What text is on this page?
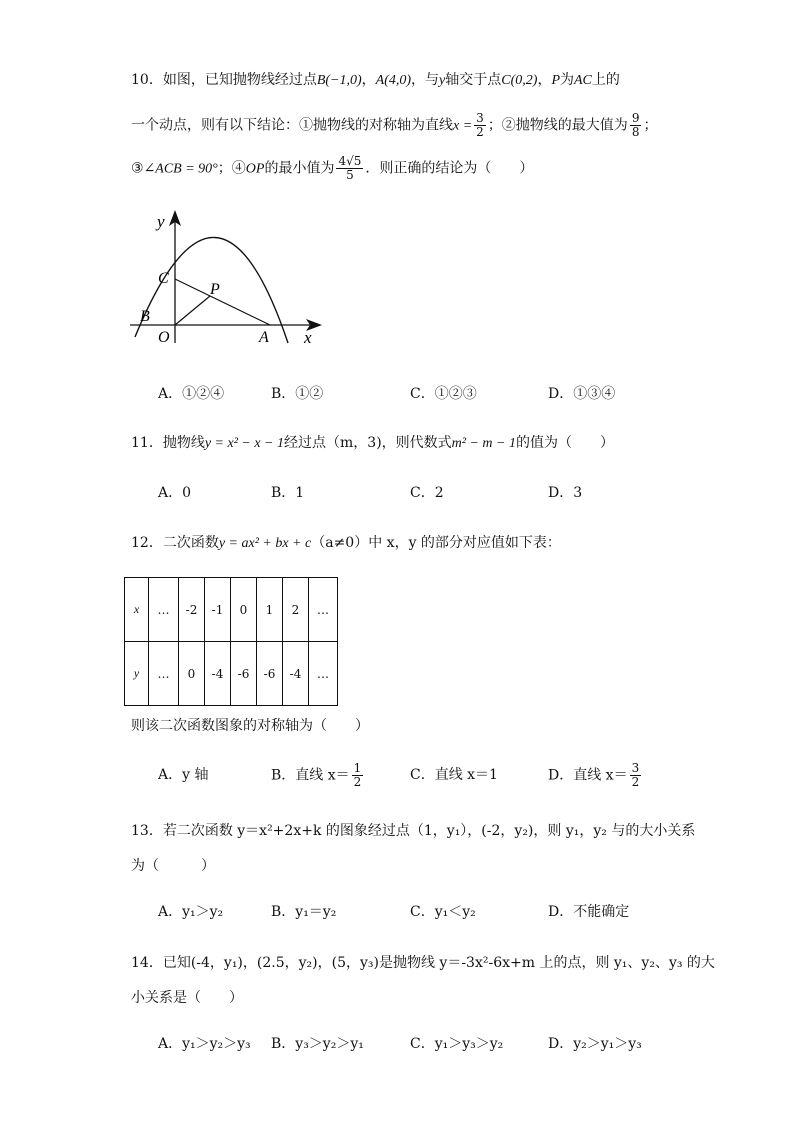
10．如图，已知抛物线经过点B(−1,0)，A(4,0)，与y轴交于点C(0,2)，P为AC上的
一个动点，则有以下结论：①抛物线的对称轴为直线$x = \frac{3}{2}$ ；②抛物线的最大值为 $\frac{9}{8}$ ；
③∠ACB = 90°；④OP的最小值为 $\frac{4√5}{5}$ ．则正确的结论为（　　）
y
x
C
P
B
O	A
A．①②④	B．①②	C．①②③	D．①③④
11．抛物线y = x² − x − 1经过点（m，3)，则代数式m² − m − 1的值为（　　）
A．0	B．1	C．2	D．3
12．二次函数y = ax² + bx + c（a≠0）中 x，y 的部分对应值如下表：
x	…	-2	-1	0	1	2	…
y	…	0	-4	-6	-6	-4	…
则该二次函数图象的对称轴为（　　）
A．y 轴	B．直线 $x= \frac{1}{2}$	C．直线 x＝1	D．直线 $x= \frac{3}{2}$
13．若二次函数 y＝x²+2x+k 的图象经过点（1，y₁），(-2，y₂)，则 y₁，y₂ 与的大小关系
为（　　　）
A．y₁＞y₂	B．y₁＝y₂	C．y₁＜y₂	D．不能确定
14．已知(-4，y₁)，(2.5，y₂)，(5，y₃)是抛物线 y＝-3x²-6x+m 上的点，则 y₁、y₂、y₃ 的大
小关系是（　　）
A．y₁＞y₂＞y₃ B．y₃＞y₂＞y₁	C．y₁＞y₃＞y₂	D．y₂＞y₁＞y₃
